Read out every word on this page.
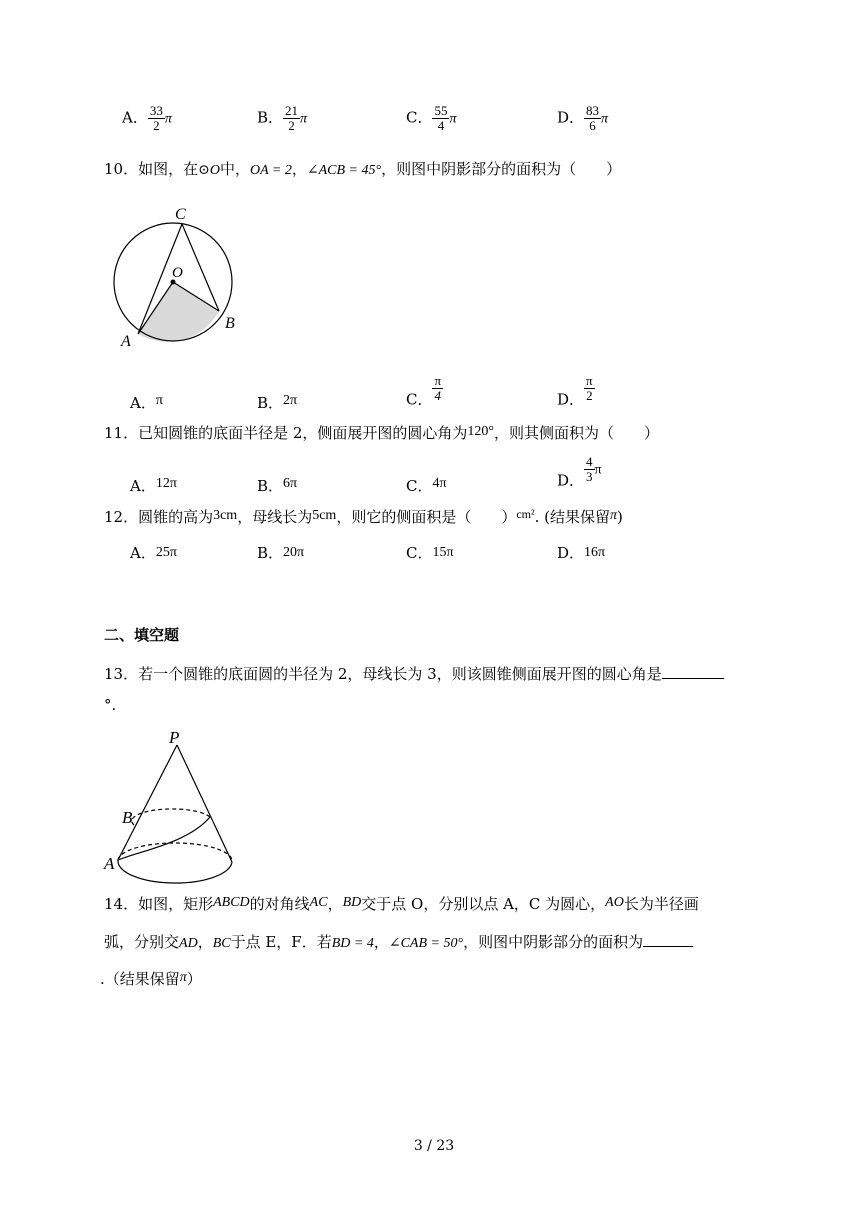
A． $\frac{33}{2}$ π	B． $\frac{21}{2}$ π	C． $\frac{55}{4}$ π	D． $\frac{83}{6}$ π
10．如图，在⊙O中，OA = 2，∠ACB = 45°，则图中阴影部分的面积为（　　）
C
O
A
B
A．π	B．2π	C． $\frac{\pi}{4}$	D． $\frac{\pi}{2}$
11．已知圆锥的底面半径是 2，侧面展开图的圆心角为120°，则其侧面积为（　　）
A．12π	B．6π	C．4π	D． $\frac{4}{3}$ π
12．圆锥的高为3cm，母线长为5cm，则它的侧面积是（　　）$^{cm^2}$. (结果保留π)
A．25π	B．20π	C．15π	D．16π
二、填空题
13．若一个圆锥的底面圆的半径为 2，母线长为 3，则该圆锥侧面展开图的圆心角是
°.
P
B
A
14．如图，矩形ABCD的对角线AC，BD交于点 O，分别以点 A，C 为圆心，AO长为半径画
弧，分别交AD，BC于点 E，F．若BD = 4，∠CAB = 50°，则图中阴影部分的面积为
.（结果保留π）
3 / 23
